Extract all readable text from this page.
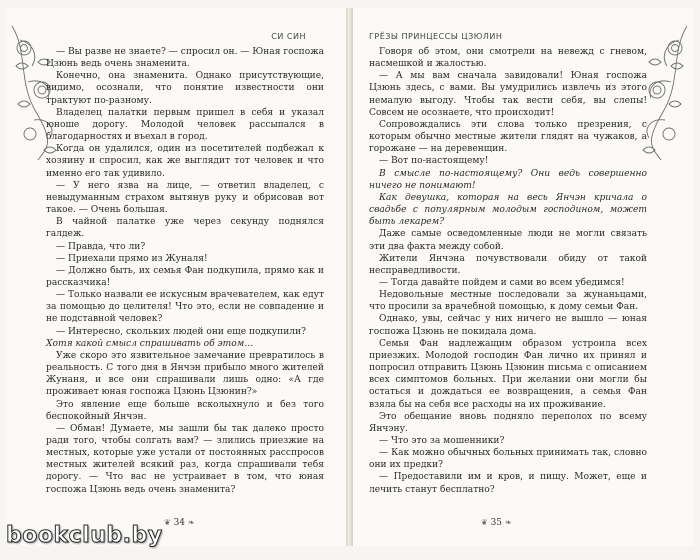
СИ СИН

— Вы разве не знаете? — спросил он. — Юная госпожа Цзюнь ведь очень знаменита.

Конечно, она знаменита. Однако присутствующие, видимо, осознали, что понятие известности они трактуют по-разному.

Владелец палатки первым пришел в себя и указал юноше дорогу. Молодой человек рассыпался в благодарностях и въехал в город.

Когда он удалился, один из посетителей подбежал к хозяину и спросил, как же выглядит тот человек и что именно его так удивило.

— У него язва на лице, — ответил владелец, с невыдуманным страхом вытянув руку и обрисовав вот такое. — Очень большая.

В чайной палатке уже через секунду поднялся галдеж.

— Правда, что ли?

— Приехали прямо из Жуналя!

— Должно быть, их семья Фан подкупила, прямо как и рассказчика!

— Только назвали ее искусным врачевателем, как едут за помощью до целителя! Что это, если не совпадение и не подставной человек?

— Интересно, скольких людей они еще подкупили?

Хотя какой смысл спрашивать об этом…

Уже скоро это язвительное замечание превратилось в реальность. С того дня в Янчэн прибыло много жителей Жунаня, и все они спрашивали лишь одно: «А где проживает юная госпожа Цзюнь Цзюнин?»

Это явление еще больше всколыхнуло и без того беспокойный Янчэн.

— Обман! Думаете, мы зашли бы так далеко просто ради того, чтобы солгать вам? — злились приезжие на местных, которые уже устали от постоянных расспросов местных жителей всякий раз, когда спрашивали тебя дорогу. — Что вас не устраивает в том, что юная госпожа Цзюнь ведь очень знаменита?

❦ 34 ❧
ГРЁЗЫ ПРИНЦЕССЫ ЦЗЮЛИН

Говоря об этом, они смотрели на невежд с гневом, насмешкой и жалостью.

— А мы вам сначала завидовали! Юная госпожа Цзюнь здесь, с вами. Вы умудрились извлечь из этого немалую выгоду. Чтобы так вести себя, вы слепы! Совсем не осознаете, что происходит!

Сопровождались эти слова только презрения, с которым обычно местные жители глядят на чужаков, а горожане — на деревенщин.

— Вот по-настоящему!

В смысле по-настоящему? Они ведь совершенно ничего не понимают!

Как девушка, которая на весь Янчэн кричала о свадьбе с популярным молодым господином, может быть лекарем?

Даже самые осведомленные люди не могли связать эти два факта между собой.

Жители Янчэна почувствовали обиду от такой несправедливости.

— Тогда давайте пойдем и сами во всем убедимся!

Недовольные местные последовали за жунаньцами, что просили за врачебной помощью, к дому семьи Фан.

Однако, увы, сейчас у них ничего не вышло — юная госпожа Цзюнь не покидала дома.

Семья Фан надлежащим образом устроила всех приезжих. Молодой господин Фан лично их принял и попросил отправить Цзюнь Цзюнин письма с описанием всех симптомов больных. При желании они могли бы остаться и дождаться ее возвращения, а семья Фан взяла бы на себя все расходы на их проживание.

Это обещание вновь подняло переполох по всему Янчэну.

— Что это за мошенники?

— Как можно обычных больных принимать так, словно они их предки?

— Предоставили им и кров, и пищу. Может, еще и лечить станут бесплатно?

❦ 35 ❧
bookclub.by
